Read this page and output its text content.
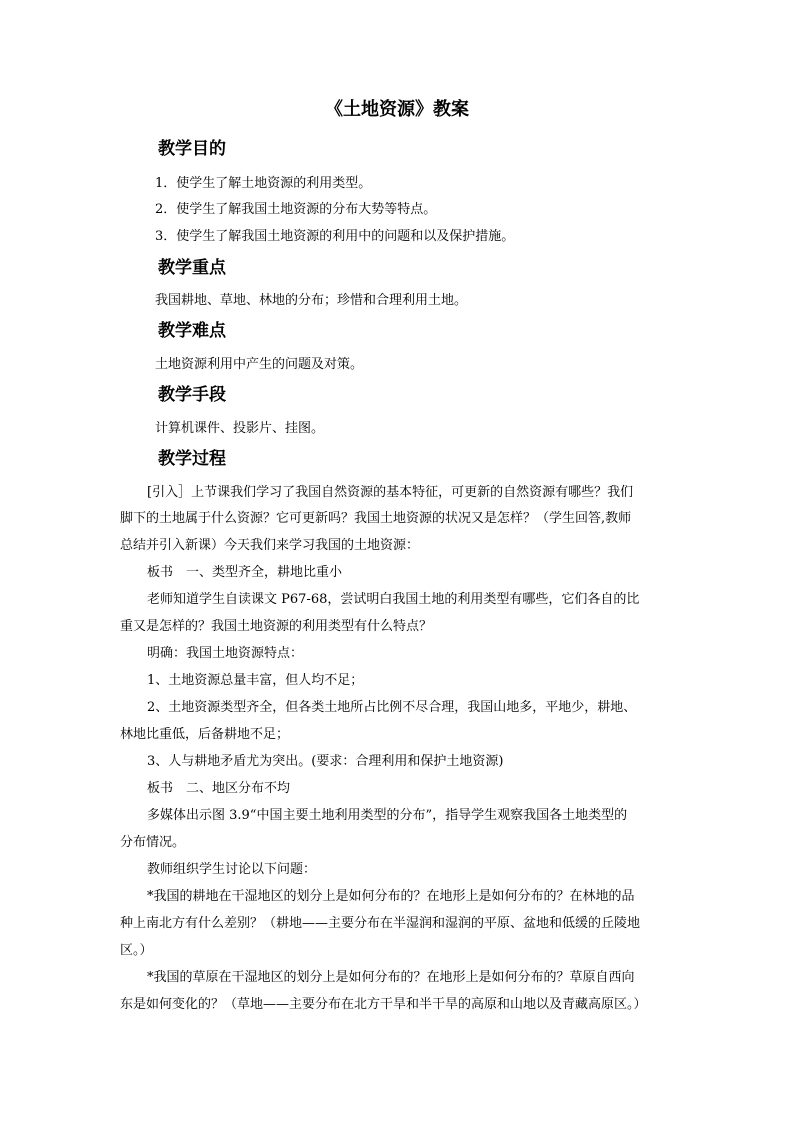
《土地资源》教案
教学目的
1．使学生了解土地资源的利用类型。
2．使学生了解我国土地资源的分布大势等特点。
3．使学生了解我国土地资源的利用中的问题和以及保护措施。
教学重点
我国耕地、草地、林地的分布；珍惜和合理利用土地。
教学难点
土地资源利用中产生的问题及对策。
教学手段
计算机课件、投影片、挂图。
教学过程
[引入］上节课我们学习了我国自然资源的基本特征，可更新的自然资源有哪些？我们
脚下的土地属于什么资源？它可更新吗？我国土地资源的状况又是怎样？（学生回答,教师
总结并引入新课）今天我们来学习我国的土地资源：
板书　一、类型齐全，耕地比重小
老师知道学生自读课文 P67-68，尝试明白我国土地的利用类型有哪些，它们各自的比
重又是怎样的？我国土地资源的利用类型有什么特点？
明确：我国土地资源特点：
1、土地资源总量丰富，但人均不足；
2、土地资源类型齐全，但各类土地所占比例不尽合理，我国山地多，平地少，耕地、
林地比重低，后备耕地不足；
3、人与耕地矛盾尤为突出。(要求：合理利用和保护土地资源)
板书　二、地区分布不均
多媒体出示图 3.9“中国主要土地利用类型的分布”，指导学生观察我国各土地类型的
分布情况。
教师组织学生讨论以下问题：
*我国的耕地在干湿地区的划分上是如何分布的？在地形上是如何分布的？在林地的品
种上南北方有什么差别？（耕地——主要分布在半湿润和湿润的平原、盆地和低缓的丘陵地
区。）
*我国的草原在干湿地区的划分上是如何分布的？在地形上是如何分布的？草原自西向
东是如何变化的？（草地——主要分布在北方干旱和半干旱的高原和山地以及青藏高原区。）
